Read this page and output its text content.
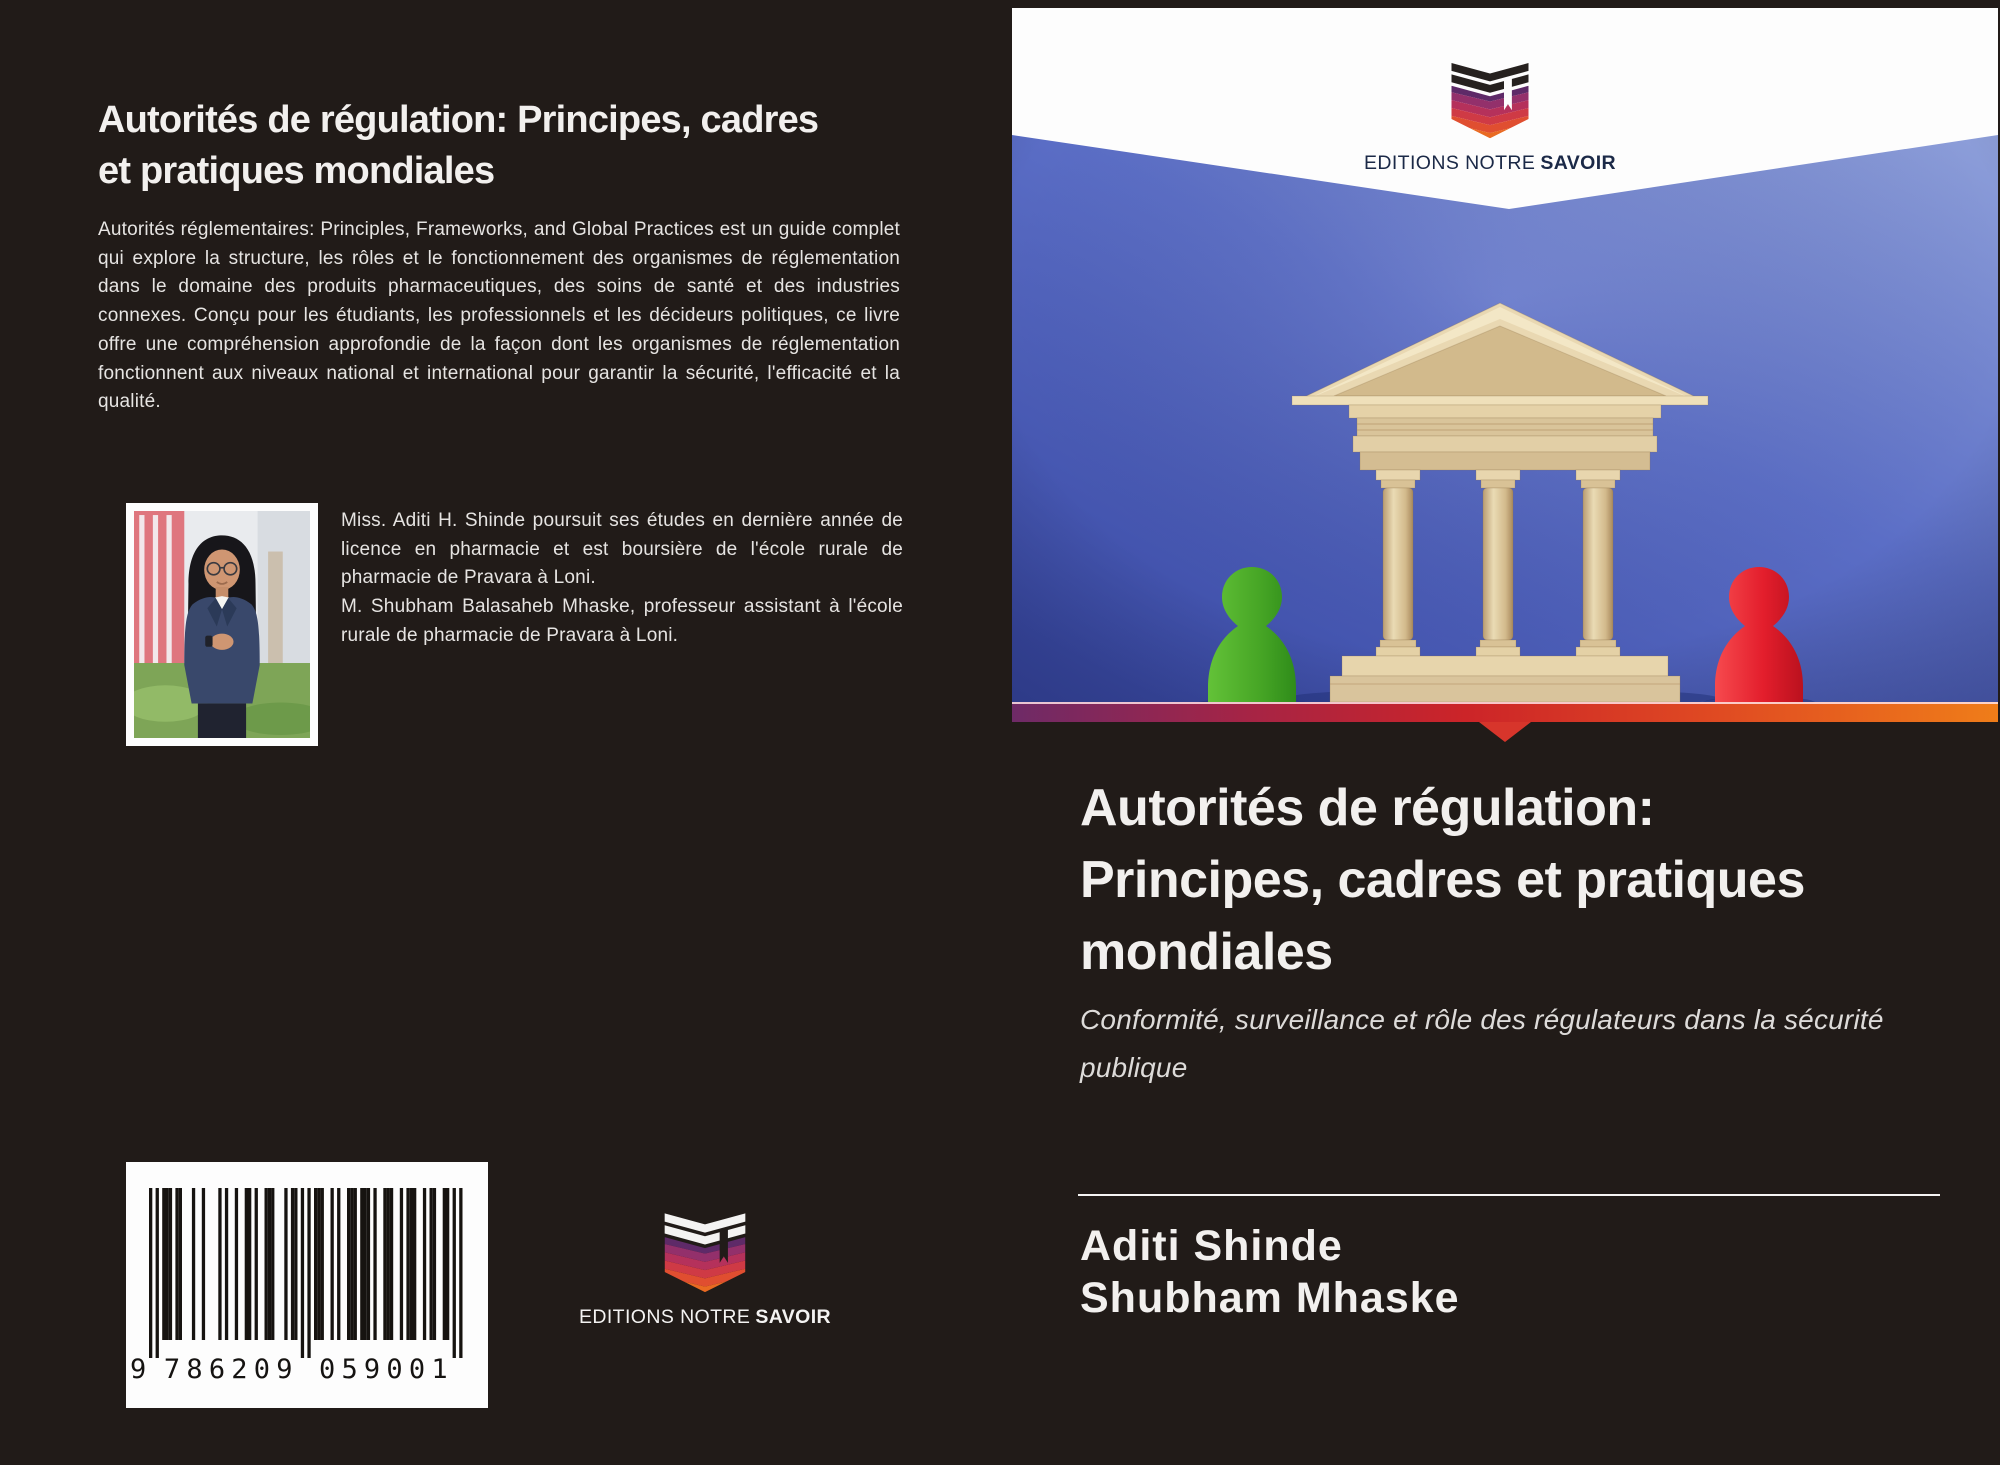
Autorités de régulation: Principes, cadres
et pratiques mondiales

Autorités réglementaires: Principles, Frameworks, and Global Practices est un guide complet qui explore la structure, les rôles et le fonctionnement des organismes de réglementation dans le domaine des produits pharmaceutiques, des soins de santé et des industries connexes. Conçu pour les étudiants, les professionnels et les décideurs politiques, ce livre offre une compréhension approfondie de la façon dont les organismes de réglementation fonctionnent aux niveaux national et international pour garantir la sécurité, l'efficacité et la qualité.

Miss. Aditi H. Shinde poursuit ses études en dernière année de licence en pharmacie et est boursière de l'école rurale de pharmacie de Pravara à Loni.

M. Shubham Balasaheb Mhaske, professeur assistant à l'école rurale de pharmacie de Pravara à Loni.

9 786209 059001
EDITIONS NOTRE SAVOIR
EDITIONS NOTRE SAVOIR
Autorités de régulation:
Principes, cadres et pratiques
mondiales

Conformité, surveillance et rôle des régulateurs dans la sécurité publique

Aditi Shinde
Shubham Mhaske
